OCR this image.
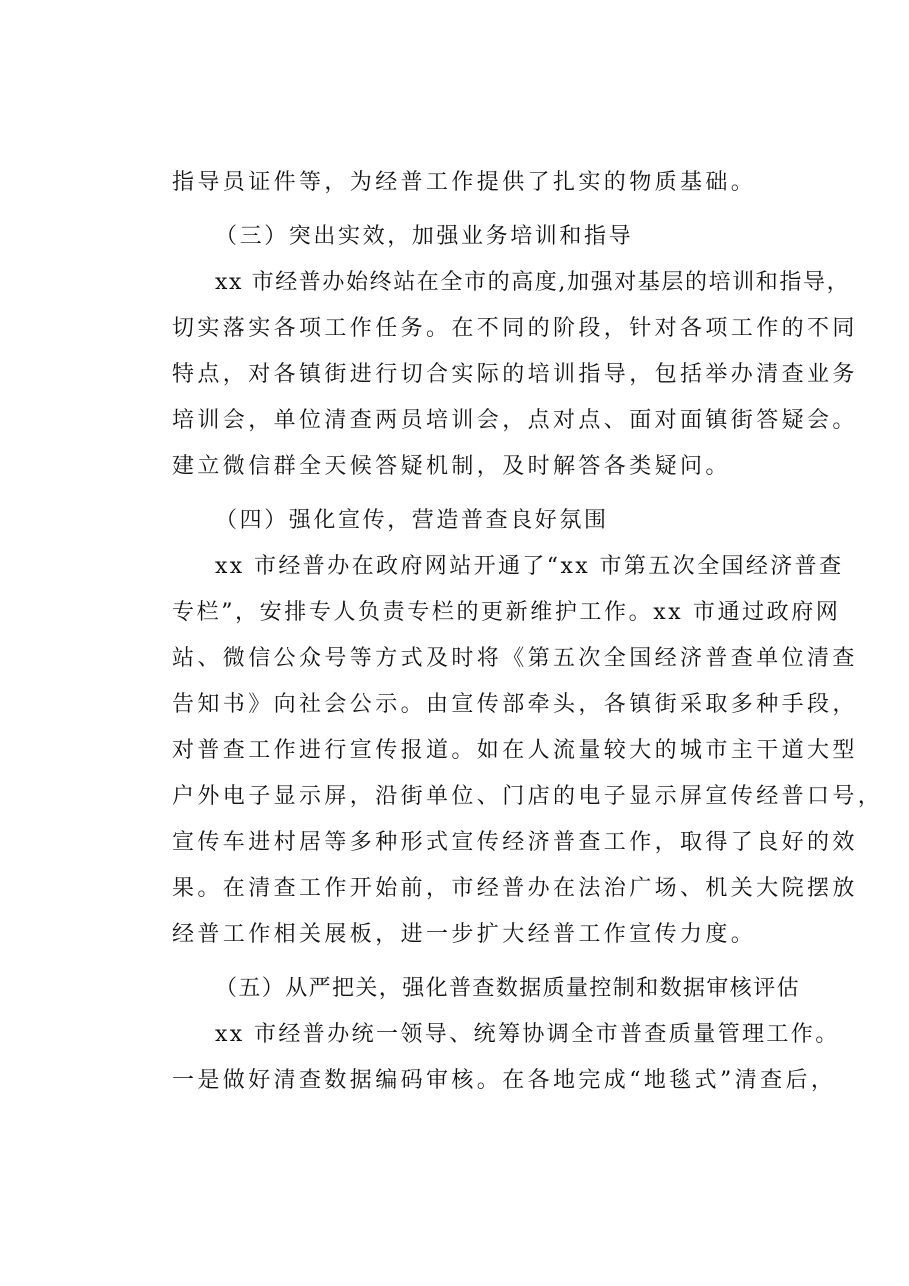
指导员证件等，为经普工作提供了扎实的物质基础。
（三）突出实效，加强业务培训和指导
xx 市经普办始终站在全市的高度,加强对基层的培训和指导，
切实落实各项工作任务。在不同的阶段，针对各项工作的不同
特点，对各镇街进行切合实际的培训指导，包括举办清查业务
培训会，单位清查两员培训会，点对点、面对面镇街答疑会。
建立微信群全天候答疑机制，及时解答各类疑问。
（四）强化宣传，营造普查良好氛围
xx 市经普办在政府网站开通了“xx 市第五次全国经济普查
专栏”，安排专人负责专栏的更新维护工作。xx 市通过政府网
站、微信公众号等方式及时将《第五次全国经济普查单位清查
告知书》向社会公示。由宣传部牵头，各镇街采取多种手段，
对普查工作进行宣传报道。如在人流量较大的城市主干道大型
户外电子显示屏，沿街单位、门店的电子显示屏宣传经普口号，
宣传车进村居等多种形式宣传经济普查工作，取得了良好的效
果。在清查工作开始前，市经普办在法治广场、机关大院摆放
经普工作相关展板，进一步扩大经普工作宣传力度。
（五）从严把关，强化普查数据质量控制和数据审核评估
xx 市经普办统一领导、统筹协调全市普查质量管理工作。
一是做好清查数据编码审核。在各地完成“地毯式”清查后，
